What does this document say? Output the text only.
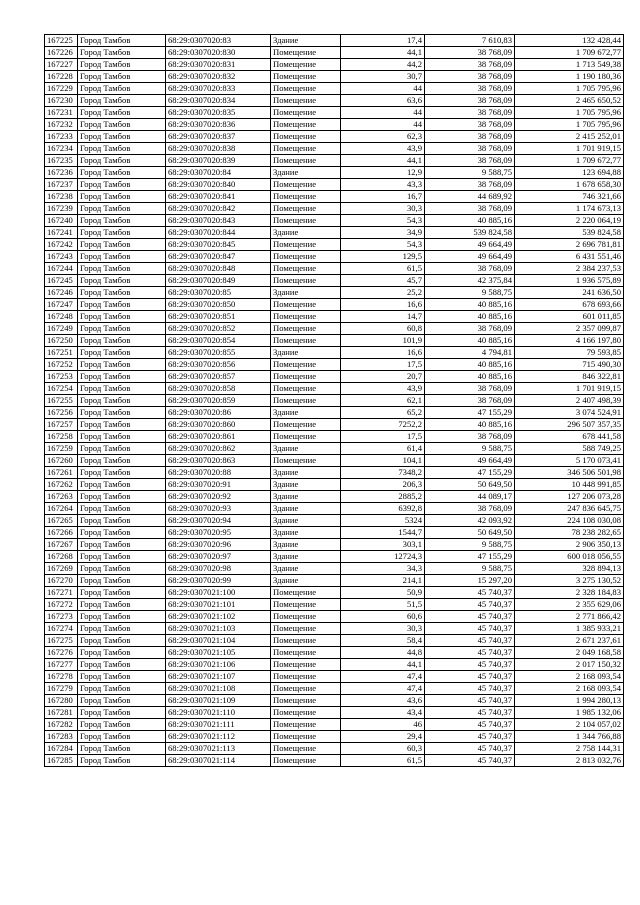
167225	Город Тамбов	68:29:0307020:83	Здание	17,4	7 610,83	132 428,44
167226	Город Тамбов	68:29:0307020:830	Помещение	44,1	38 768,09	1 709 672,77
167227	Город Тамбов	68:29:0307020:831	Помещение	44,2	38 768,09	1 713 549,38
167228	Город Тамбов	68:29:0307020:832	Помещение	30,7	38 768,09	1 190 180,36
167229	Город Тамбов	68:29:0307020:833	Помещение	44	38 768,09	1 705 795,96
167230	Город Тамбов	68:29:0307020:834	Помещение	63,6	38 768,09	2 465 650,52
167231	Город Тамбов	68:29:0307020:835	Помещение	44	38 768,09	1 705 795,96
167232	Город Тамбов	68:29:0307020:836	Помещение	44	38 768,09	1 705 795,96
167233	Город Тамбов	68:29:0307020:837	Помещение	62,3	38 768,09	2 415 252,01
167234	Город Тамбов	68:29:0307020:838	Помещение	43,9	38 768,09	1 701 919,15
167235	Город Тамбов	68:29:0307020:839	Помещение	44,1	38 768,09	1 709 672,77
167236	Город Тамбов	68:29:0307020:84	Здание	12,9	9 588,75	123 694,88
167237	Город Тамбов	68:29:0307020:840	Помещение	43,3	38 768,09	1 678 658,30
167238	Город Тамбов	68:29:0307020:841	Помещение	16,7	44 689,92	746 321,66
167239	Город Тамбов	68:29:0307020:842	Помещение	30,3	38 768,09	1 174 673,13
167240	Город Тамбов	68:29:0307020:843	Помещение	54,3	40 885,16	2 220 064,19
167241	Город Тамбов	68:29:0307020:844	Здание	34,9	539 824,58	539 824,58
167242	Город Тамбов	68:29:0307020:845	Помещение	54,3	49 664,49	2 696 781,81
167243	Город Тамбов	68:29:0307020:847	Помещение	129,5	49 664,49	6 431 551,46
167244	Город Тамбов	68:29:0307020:848	Помещение	61,5	38 768,09	2 384 237,53
167245	Город Тамбов	68:29:0307020:849	Помещение	45,7	42 375,84	1 936 575,89
167246	Город Тамбов	68:29:0307020:85	Здание	25,2	9 588,75	241 636,50
167247	Город Тамбов	68:29:0307020:850	Помещение	16,6	40 885,16	678 693,66
167248	Город Тамбов	68:29:0307020:851	Помещение	14,7	40 885,16	601 011,85
167249	Город Тамбов	68:29:0307020:852	Помещение	60,8	38 768,09	2 357 099,87
167250	Город Тамбов	68:29:0307020:854	Помещение	101,9	40 885,16	4 166 197,80
167251	Город Тамбов	68:29:0307020:855	Здание	16,6	4 794,81	79 593,85
167252	Город Тамбов	68:29:0307020:856	Помещение	17,5	40 885,16	715 490,30
167253	Город Тамбов	68:29:0307020:857	Помещение	20,7	40 885,16	846 322,81
167254	Город Тамбов	68:29:0307020:858	Помещение	43,9	38 768,09	1 701 919,15
167255	Город Тамбов	68:29:0307020:859	Помещение	62,1	38 768,09	2 407 498,39
167256	Город Тамбов	68:29:0307020:86	Здание	65,2	47 155,29	3 074 524,91
167257	Город Тамбов	68:29:0307020:860	Помещение	7252,2	40 885,16	296 507 357,35
167258	Город Тамбов	68:29:0307020:861	Помещение	17,5	38 768,09	678 441,58
167259	Город Тамбов	68:29:0307020:862	Здание	61,4	9 588,75	588 749,25
167260	Город Тамбов	68:29:0307020:863	Помещение	104,1	49 664,49	5 170 073,41
167261	Город Тамбов	68:29:0307020:88	Здание	7348,2	47 155,29	346 506 501,98
167262	Город Тамбов	68:29:0307020:91	Здание	206,3	50 649,50	10 448 991,85
167263	Город Тамбов	68:29:0307020:92	Здание	2885,2	44 089,17	127 206 073,28
167264	Город Тамбов	68:29:0307020:93	Здание	6392,8	38 768,09	247 836 645,75
167265	Город Тамбов	68:29:0307020:94	Здание	5324	42 093,92	224 108 030,08
167266	Город Тамбов	68:29:0307020:95	Здание	1544,7	50 649,50	78 238 282,65
167267	Город Тамбов	68:29:0307020:96	Здание	303,1	9 588,75	2 906 350,13
167268	Город Тамбов	68:29:0307020:97	Здание	12724,3	47 155,29	600 018 056,55
167269	Город Тамбов	68:29:0307020:98	Здание	34,3	9 588,75	328 894,13
167270	Город Тамбов	68:29:0307020:99	Здание	214,1	15 297,20	3 275 130,52
167271	Город Тамбов	68:29:0307021:100	Помещение	50,9	45 740,37	2 328 184,83
167272	Город Тамбов	68:29:0307021:101	Помещение	51,5	45 740,37	2 355 629,06
167273	Город Тамбов	68:29:0307021:102	Помещение	60,6	45 740,37	2 771 866,42
167274	Город Тамбов	68:29:0307021:103	Помещение	30,3	45 740,37	1 385 933,21
167275	Город Тамбов	68:29:0307021:104	Помещение	58,4	45 740,37	2 671 237,61
167276	Город Тамбов	68:29:0307021:105	Помещение	44,8	45 740,37	2 049 168,58
167277	Город Тамбов	68:29:0307021:106	Помещение	44,1	45 740,37	2 017 150,32
167278	Город Тамбов	68:29:0307021:107	Помещение	47,4	45 740,37	2 168 093,54
167279	Город Тамбов	68:29:0307021:108	Помещение	47,4	45 740,37	2 168 093,54
167280	Город Тамбов	68:29:0307021:109	Помещение	43,6	45 740,37	1 994 280,13
167281	Город Тамбов	68:29:0307021:110	Помещение	43,4	45 740,37	1 985 132,06
167282	Город Тамбов	68:29:0307021:111	Помещение	46	45 740,37	2 104 057,02
167283	Город Тамбов	68:29:0307021:112	Помещение	29,4	45 740,37	1 344 766,88
167284	Город Тамбов	68:29:0307021:113	Помещение	60,3	45 740,37	2 758 144,31
167285	Город Тамбов	68:29:0307021:114	Помещение	61,5	45 740,37	2 813 032,76
